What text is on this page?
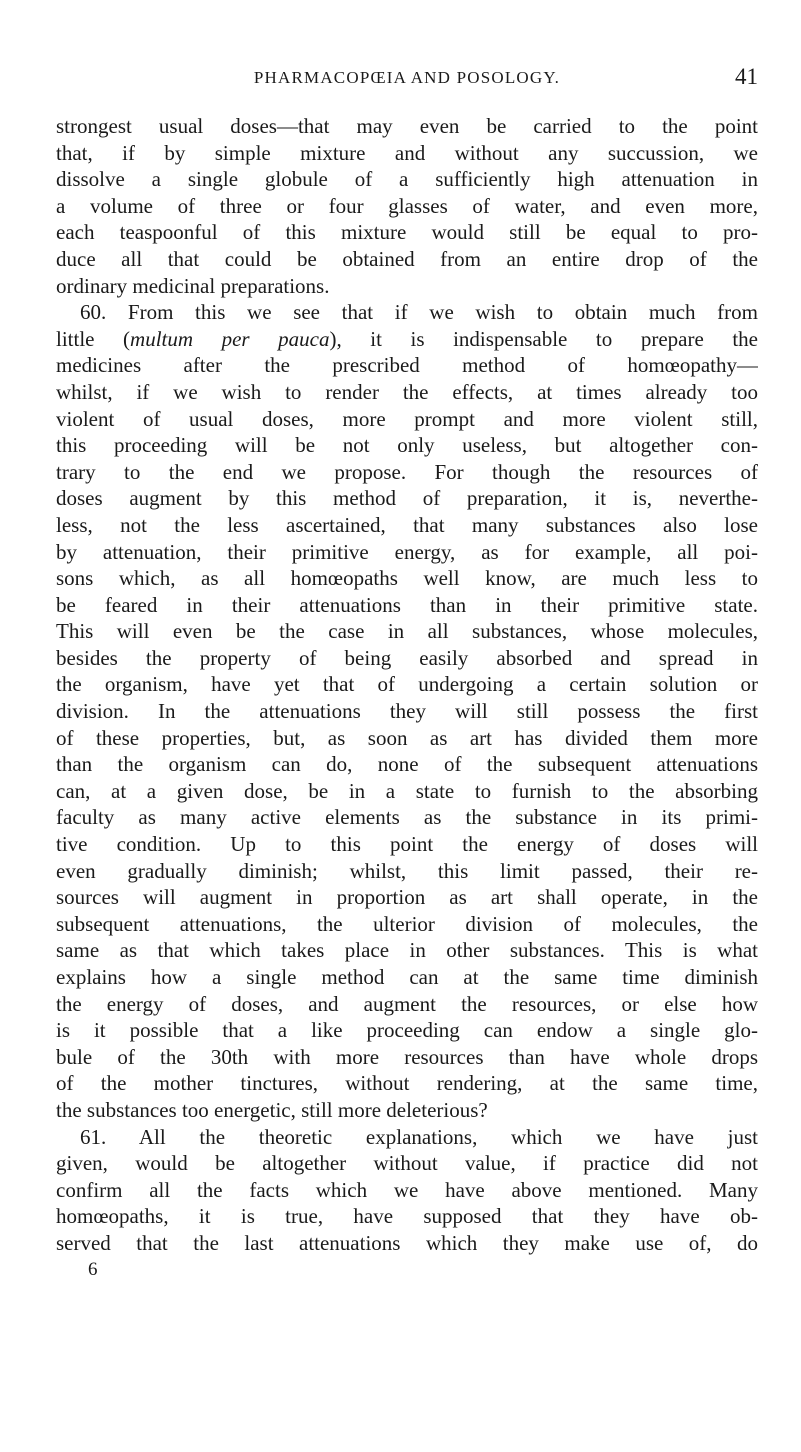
PHARMACOPŒIA AND POSOLOGY.	41
strongest usual doses—that may even be carried to the point
that, if by simple mixture and without any succussion, we
dissolve a single globule of a sufficiently high attenuation in
a volume of three or four glasses of water, and even more,
each teaspoonful of this mixture would still be equal to pro-
duce all that could be obtained from an entire drop of the
ordinary medicinal preparations.
60. From this we see that if we wish to obtain much from
little (multum per pauca), it is indispensable to prepare the
medicines after the prescribed method of homœopathy—
whilst, if we wish to render the effects, at times already too
violent of usual doses, more prompt and more violent still,
this proceeding will be not only useless, but altogether con-
trary to the end we propose. For though the resources of
doses augment by this method of preparation, it is, neverthe-
less, not the less ascertained, that many substances also lose
by attenuation, their primitive energy, as for example, all poi-
sons which, as all homœopaths well know, are much less to
be feared in their attenuations than in their primitive state.
This will even be the case in all substances, whose molecules,
besides the property of being easily absorbed and spread in
the organism, have yet that of undergoing a certain solution or
division. In the attenuations they will still possess the first
of these properties, but, as soon as art has divided them more
than the organism can do, none of the subsequent attenuations
can, at a given dose, be in a state to furnish to the absorbing
faculty as many active elements as the substance in its primi-
tive condition. Up to this point the energy of doses will
even gradually diminish; whilst, this limit passed, their re-
sources will augment in proportion as art shall operate, in the
subsequent attenuations, the ulterior division of molecules, the
same as that which takes place in other substances. This is what
explains how a single method can at the same time diminish
the energy of doses, and augment the resources, or else how
is it possible that a like proceeding can endow a single glo-
bule of the 30th with more resources than have whole drops
of the mother tinctures, without rendering, at the same time,
the substances too energetic, still more deleterious?
61. All the theoretic explanations, which we have just
given, would be altogether without value, if practice did not
confirm all the facts which we have above mentioned. Many
homœopaths, it is true, have supposed that they have ob-
served that the last attenuations which they make use of, do
6
